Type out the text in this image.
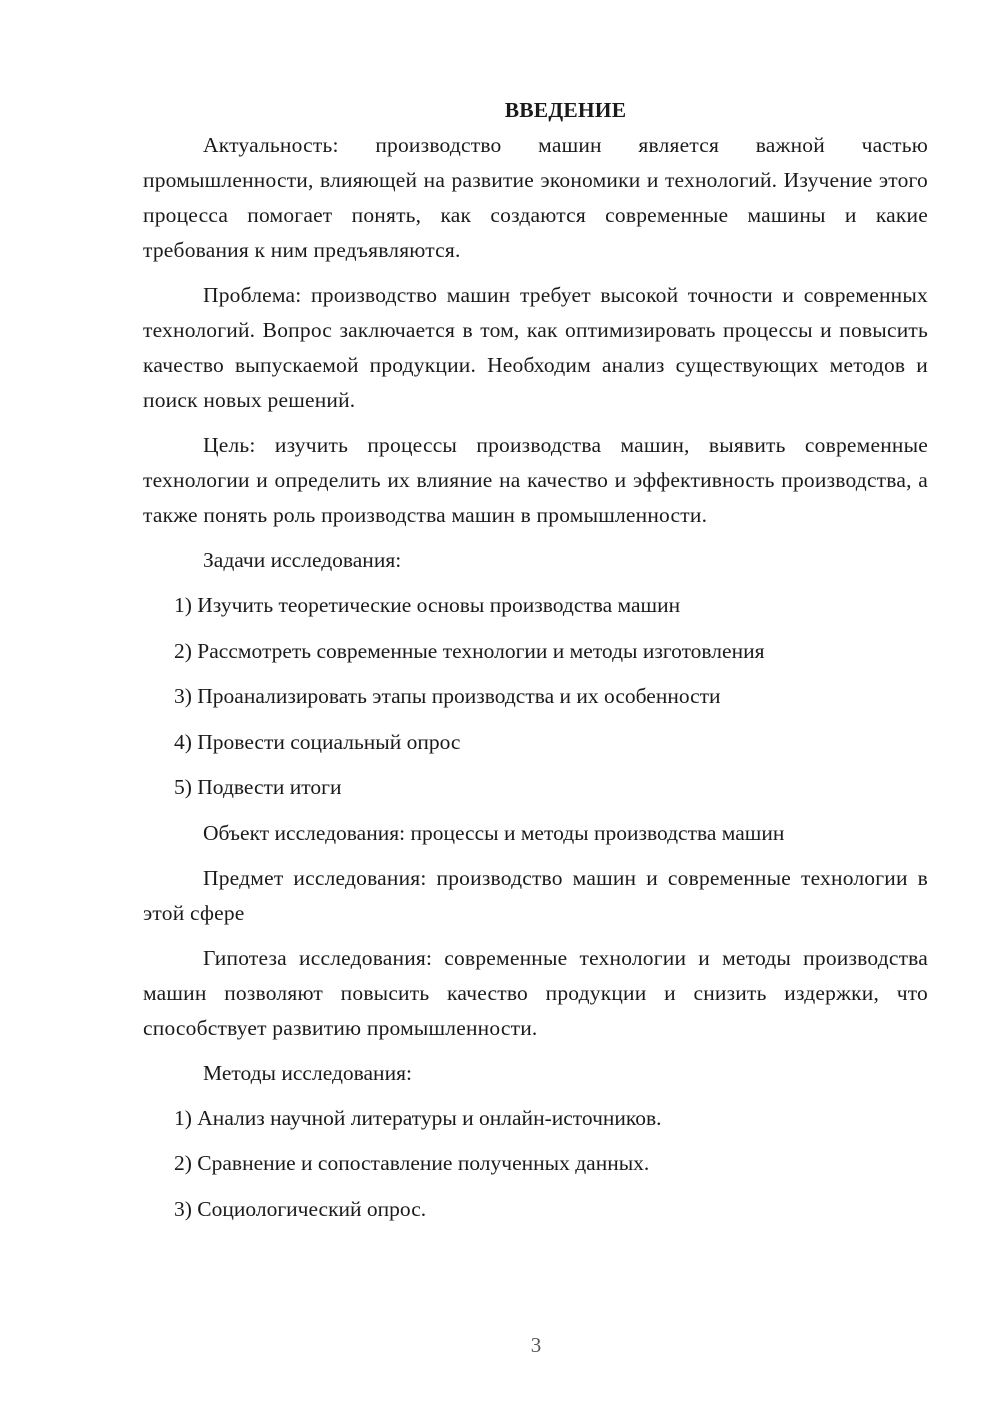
ВВЕДЕНИЕ

Актуальность: производство машин является важной частью промышленности, влияющей на развитие экономики и технологий. Изучение этого процесса помогает понять, как создаются современные машины и какие требования к ним предъявляются.

Проблема: производство машин требует высокой точности и современных технологий. Вопрос заключается в том, как оптимизировать процессы и повысить качество выпускаемой продукции. Необходим анализ существующих методов и поиск новых решений.

Цель: изучить процессы производства машин, выявить современные технологии и определить их влияние на качество и эффективность производства, а также понять роль производства машин в промышленности.

Задачи исследования:

1) Изучить теоретические основы производства машин
2) Рассмотреть современные технологии и методы изготовления
3) Проанализировать этапы производства и их особенности
4) Провести социальный опрос
5) Подвести итоги

Объект исследования: процессы и методы производства машин

Предмет исследования: производство машин и современные технологии в этой сфере

Гипотеза исследования: современные технологии и методы производства машин позволяют повысить качество продукции и снизить издержки, что способствует развитию промышленности.

Методы исследования:

1) Анализ научной литературы и онлайн-источников.
2) Сравнение и сопоставление полученных данных.
3) Социологический опрос.
3
